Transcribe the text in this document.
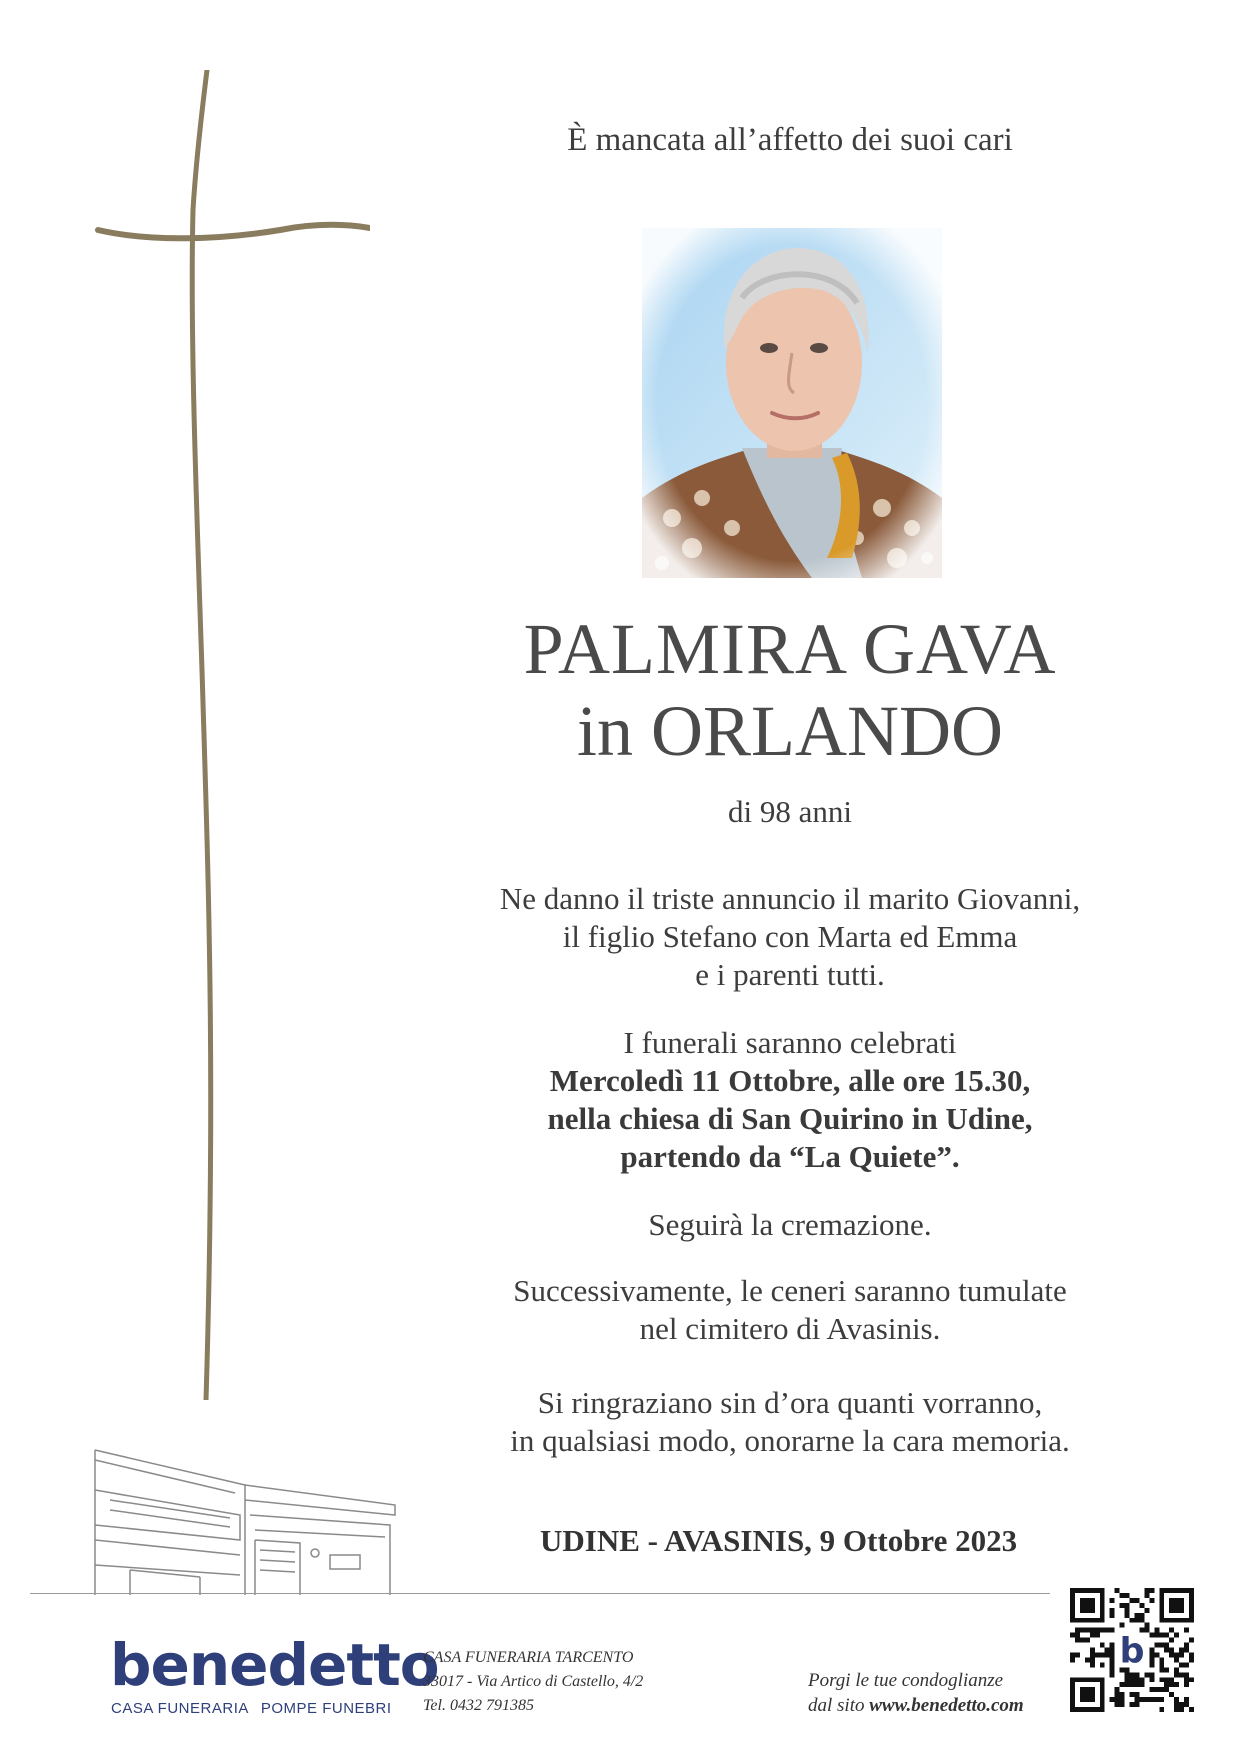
È mancata all’affetto dei suoi cari
PALMIRA GAVA
in ORLANDO
di 98 anni
Ne danno il triste annuncio il marito Giovanni,
il figlio Stefano con Marta ed Emma
e i parenti tutti.
I funerali saranno celebrati
Mercoledì 11 Ottobre, alle ore 15.30,
nella chiesa di San Quirino in Udine,
partendo da “La Quiete”.
Seguirà la cremazione.
Successivamente, le ceneri saranno tumulate
nel cimitero di Avasinis.
Si ringraziano sin d’ora quanti vorranno,
in qualsiasi modo, onorarne la cara memoria.
UDINE - AVASINIS, 9 Ottobre 2023
benedetto
CASA FUNERARIA POMPE FUNEBRI
CASA FUNERARIA TARCENTO
33017 - Via Artico di Castello, 4/2
Tel. 0432 791385
Porgi le tue condoglianze
dal sito www.benedetto.com
b
